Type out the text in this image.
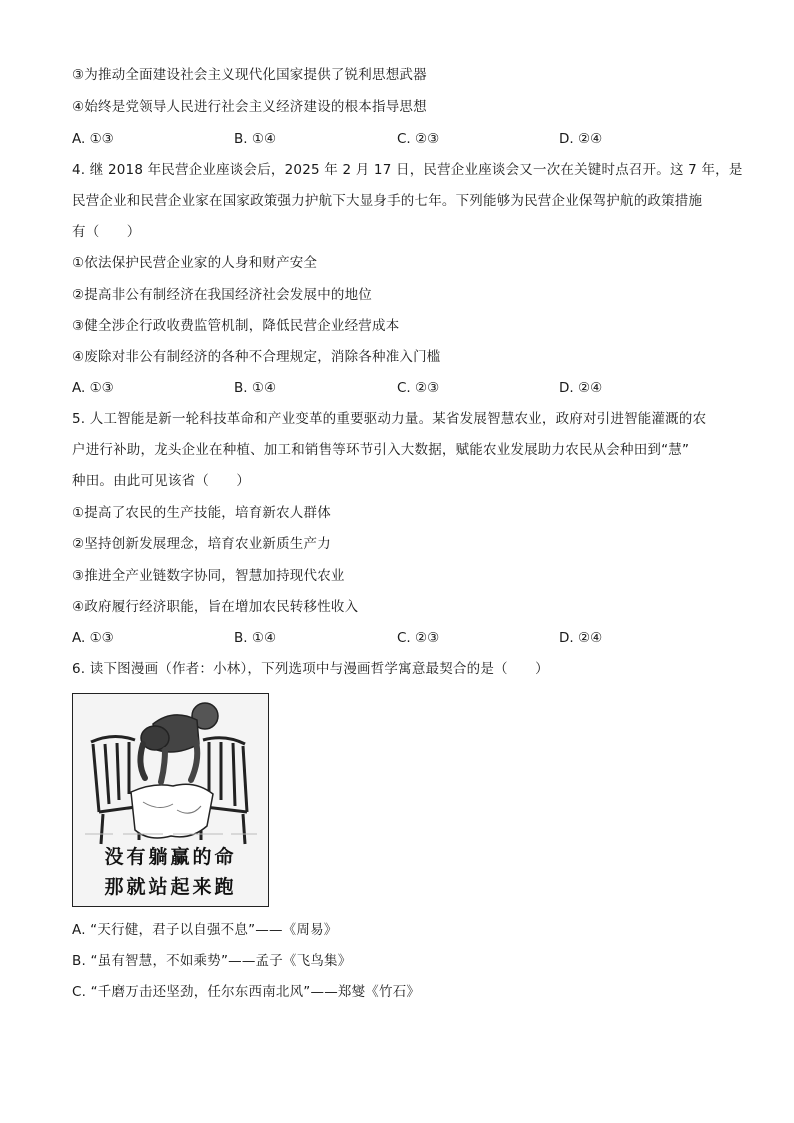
③为推动全面建设社会主义现代化国家提供了锐利思想武器
④始终是党领导人民进行社会主义经济建设的根本指导思想
A. ①③	B. ①④	C. ②③	D. ②④
4. 继 2018 年民营企业座谈会后，2025 年 2 月 17 日，民营企业座谈会又一次在关键时点召开。这 7 年，是
民营企业和民营企业家在国家政策强力护航下大显身手的七年。下列能够为民营企业保驾护航的政策措施
有（　　）
①依法保护民营企业家的人身和财产安全
②提高非公有制经济在我国经济社会发展中的地位
③健全涉企行政收费监管机制，降低民营企业经营成本
④废除对非公有制经济的各种不合理规定，消除各种准入门槛
A. ①③	B. ①④	C. ②③	D. ②④
5. 人工智能是新一轮科技革命和产业变革的重要驱动力量。某省发展智慧农业，政府对引进智能灌溉的农
户进行补助，龙头企业在种植、加工和销售等环节引入大数据，赋能农业发展助力农民从会种田到“慧”
种田。由此可见该省（　　）
①提高了农民的生产技能，培育新农人群体
②坚持创新发展理念，培育农业新质生产力
③推进全产业链数字协同，智慧加持现代农业
④政府履行经济职能，旨在增加农民转移性收入
A. ①③	B. ①④	C. ②③	D. ②④
6. 读下图漫画（作者：小林），下列选项中与漫画哲学寓意最契合的是（　　）
没有躺赢的命
那就站起来跑
A. “天行健，君子以自强不息”——《周易》
B. “虽有智慧，不如乘势”——孟子《飞鸟集》
C. “千磨万击还坚劲，任尔东西南北风”——郑燮《竹石》
